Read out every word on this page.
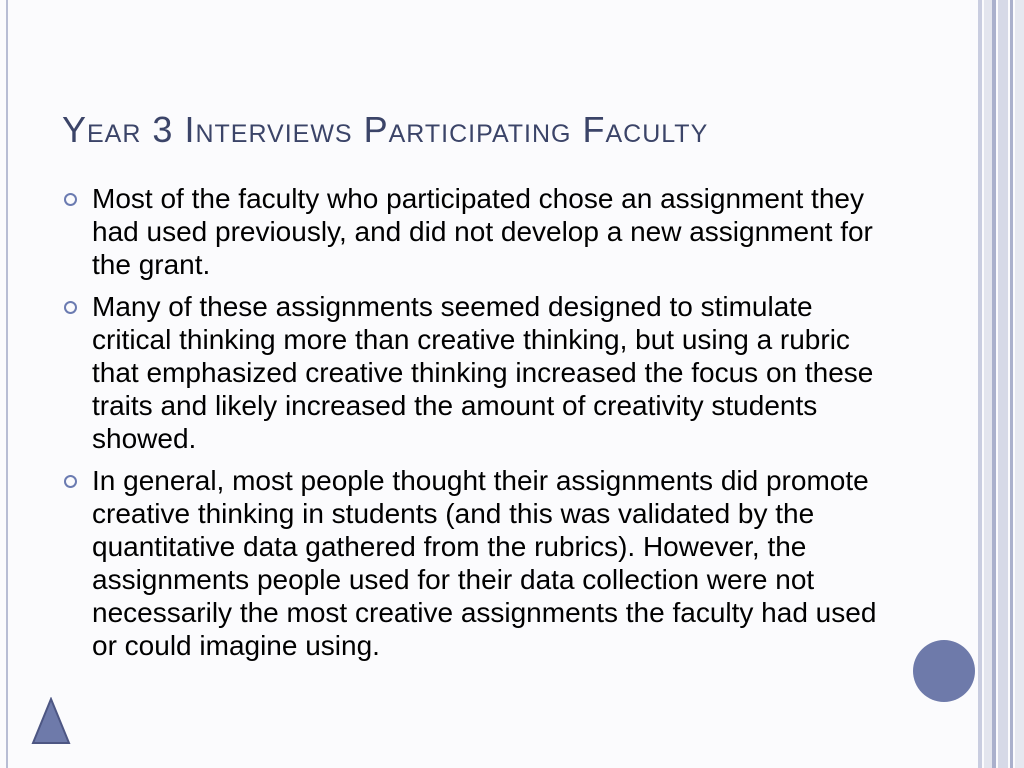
Year 3 Interviews Participating Faculty
Most of the faculty who participated chose an assignment they had used previously, and did not develop a new assignment for the grant.
Many of these assignments seemed designed to stimulate critical thinking more than creative thinking, but using a rubric that emphasized creative thinking increased the focus on these traits and likely increased the amount of creativity students showed.
In general, most people thought their assignments did promote creative thinking in students (and this was validated by the quantitative data gathered from the rubrics). However, the assignments people used for their data collection were not necessarily the most creative assignments the faculty had used or could imagine using.
